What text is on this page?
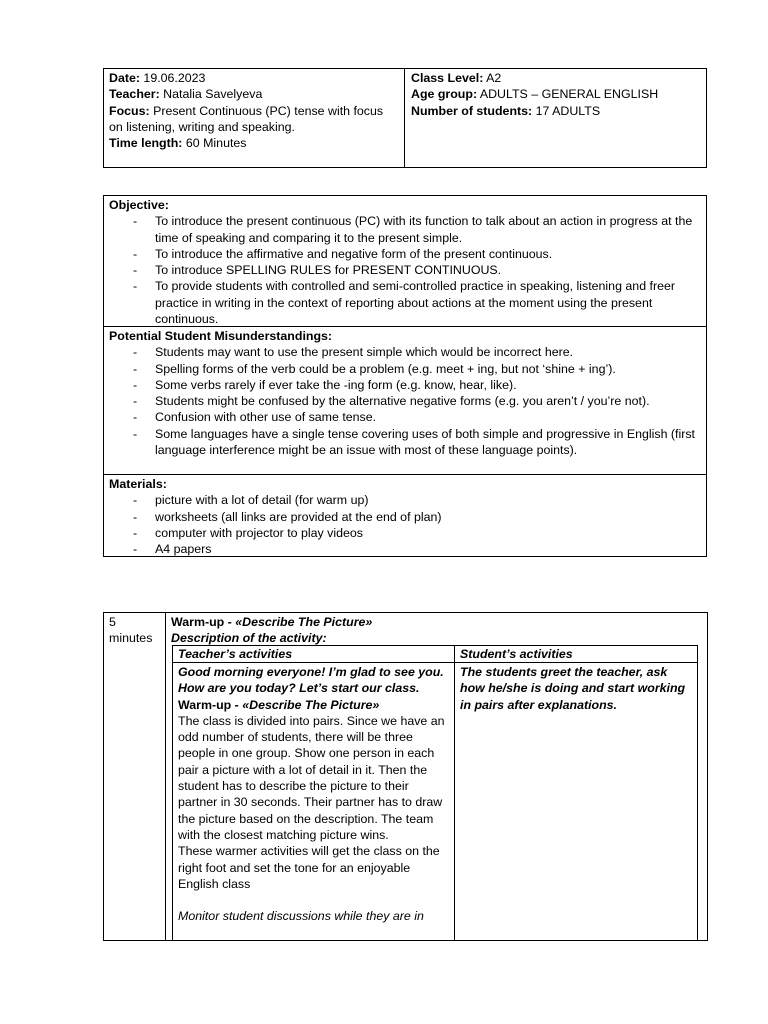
Date: 19.06.2023
Teacher: Natalia Savelyeva
Focus: Present Continuous (PC) tense with focus on listening, writing and speaking.
Time length: 60 Minutes
Class Level: A2
Age group: ADULTS – GENERAL ENGLISH
Number of students: 17 ADULTS
Objective:
- To introduce the present continuous (PC) with its function to talk about an action in progress at the time of speaking and comparing it to the present simple.
- To introduce the affirmative and negative form of the present continuous.
- To introduce SPELLING RULES for PRESENT CONTINUOUS.
- To provide students with controlled and semi-controlled practice in speaking, listening and freer practice in writing in the context of reporting about actions at the moment using the present continuous.
Potential Student Misunderstandings:
- Students may want to use the present simple which would be incorrect here.
- Spelling forms of the verb could be a problem (e.g. meet + ing, but not ‘shine + ing’).
- Some verbs rarely if ever take the -ing form (e.g. know, hear, like).
- Students might be confused by the alternative negative forms (e.g. you aren’t / you’re not).
- Confusion with other use of same tense.
- Some languages have a single tense covering uses of both simple and progressive in English (first language interference might be an issue with most of these language points).
Materials:
- picture with a lot of detail (for warm up)
- worksheets (all links are provided at the end of plan)
- computer with projector to play videos
- A4 papers
5 minutes
Warm-up - «Describe The Picture»
Description of the activity:
Teacher’s activities
Good morning everyone! I’m glad to see you.
How are you today? Let’s start our class.
Warm-up - «Describe The Picture»
The class is divided into pairs. Since we have an odd number of students, there will be three people in one group. Show one person in each pair a picture with a lot of detail in it. Then the student has to describe the picture to their partner in 30 seconds. Their partner has to draw the picture based on the description. The team with the closest matching picture wins.
These warmer activities will get the class on the right foot and set the tone for an enjoyable English class
Monitor student discussions while they are in
Student’s activities
The students greet the teacher, ask how he/she is doing and start working in pairs after explanations.
